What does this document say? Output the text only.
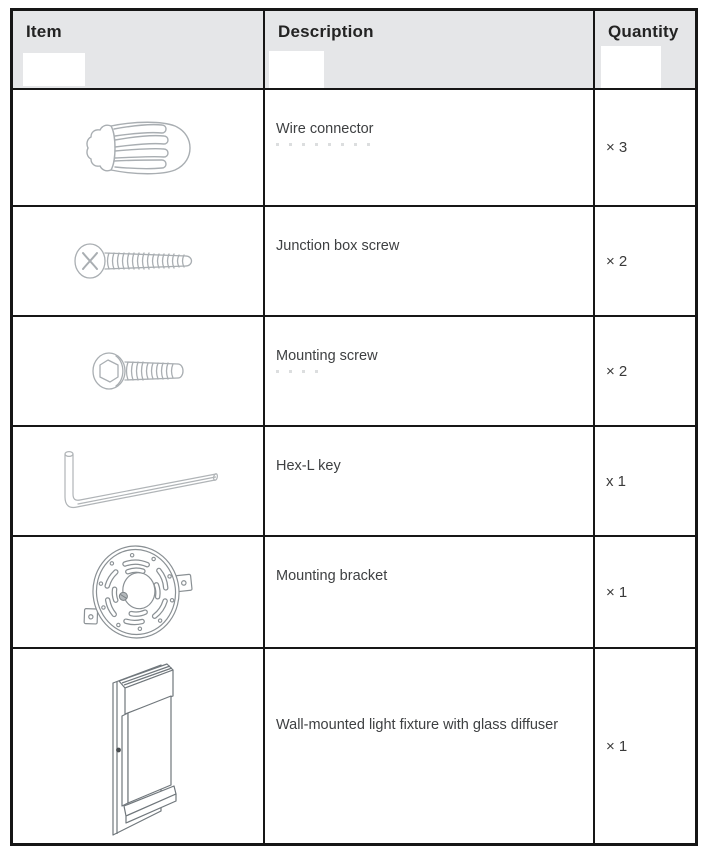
Item	Description	Quantity
Wire connector
× 3
Junction box screw
× 2
Mounting screw
× 2
Hex-L key
x 1
Mounting bracket
× 1
Wall-mounted light fixture with glass diffuser
× 1
